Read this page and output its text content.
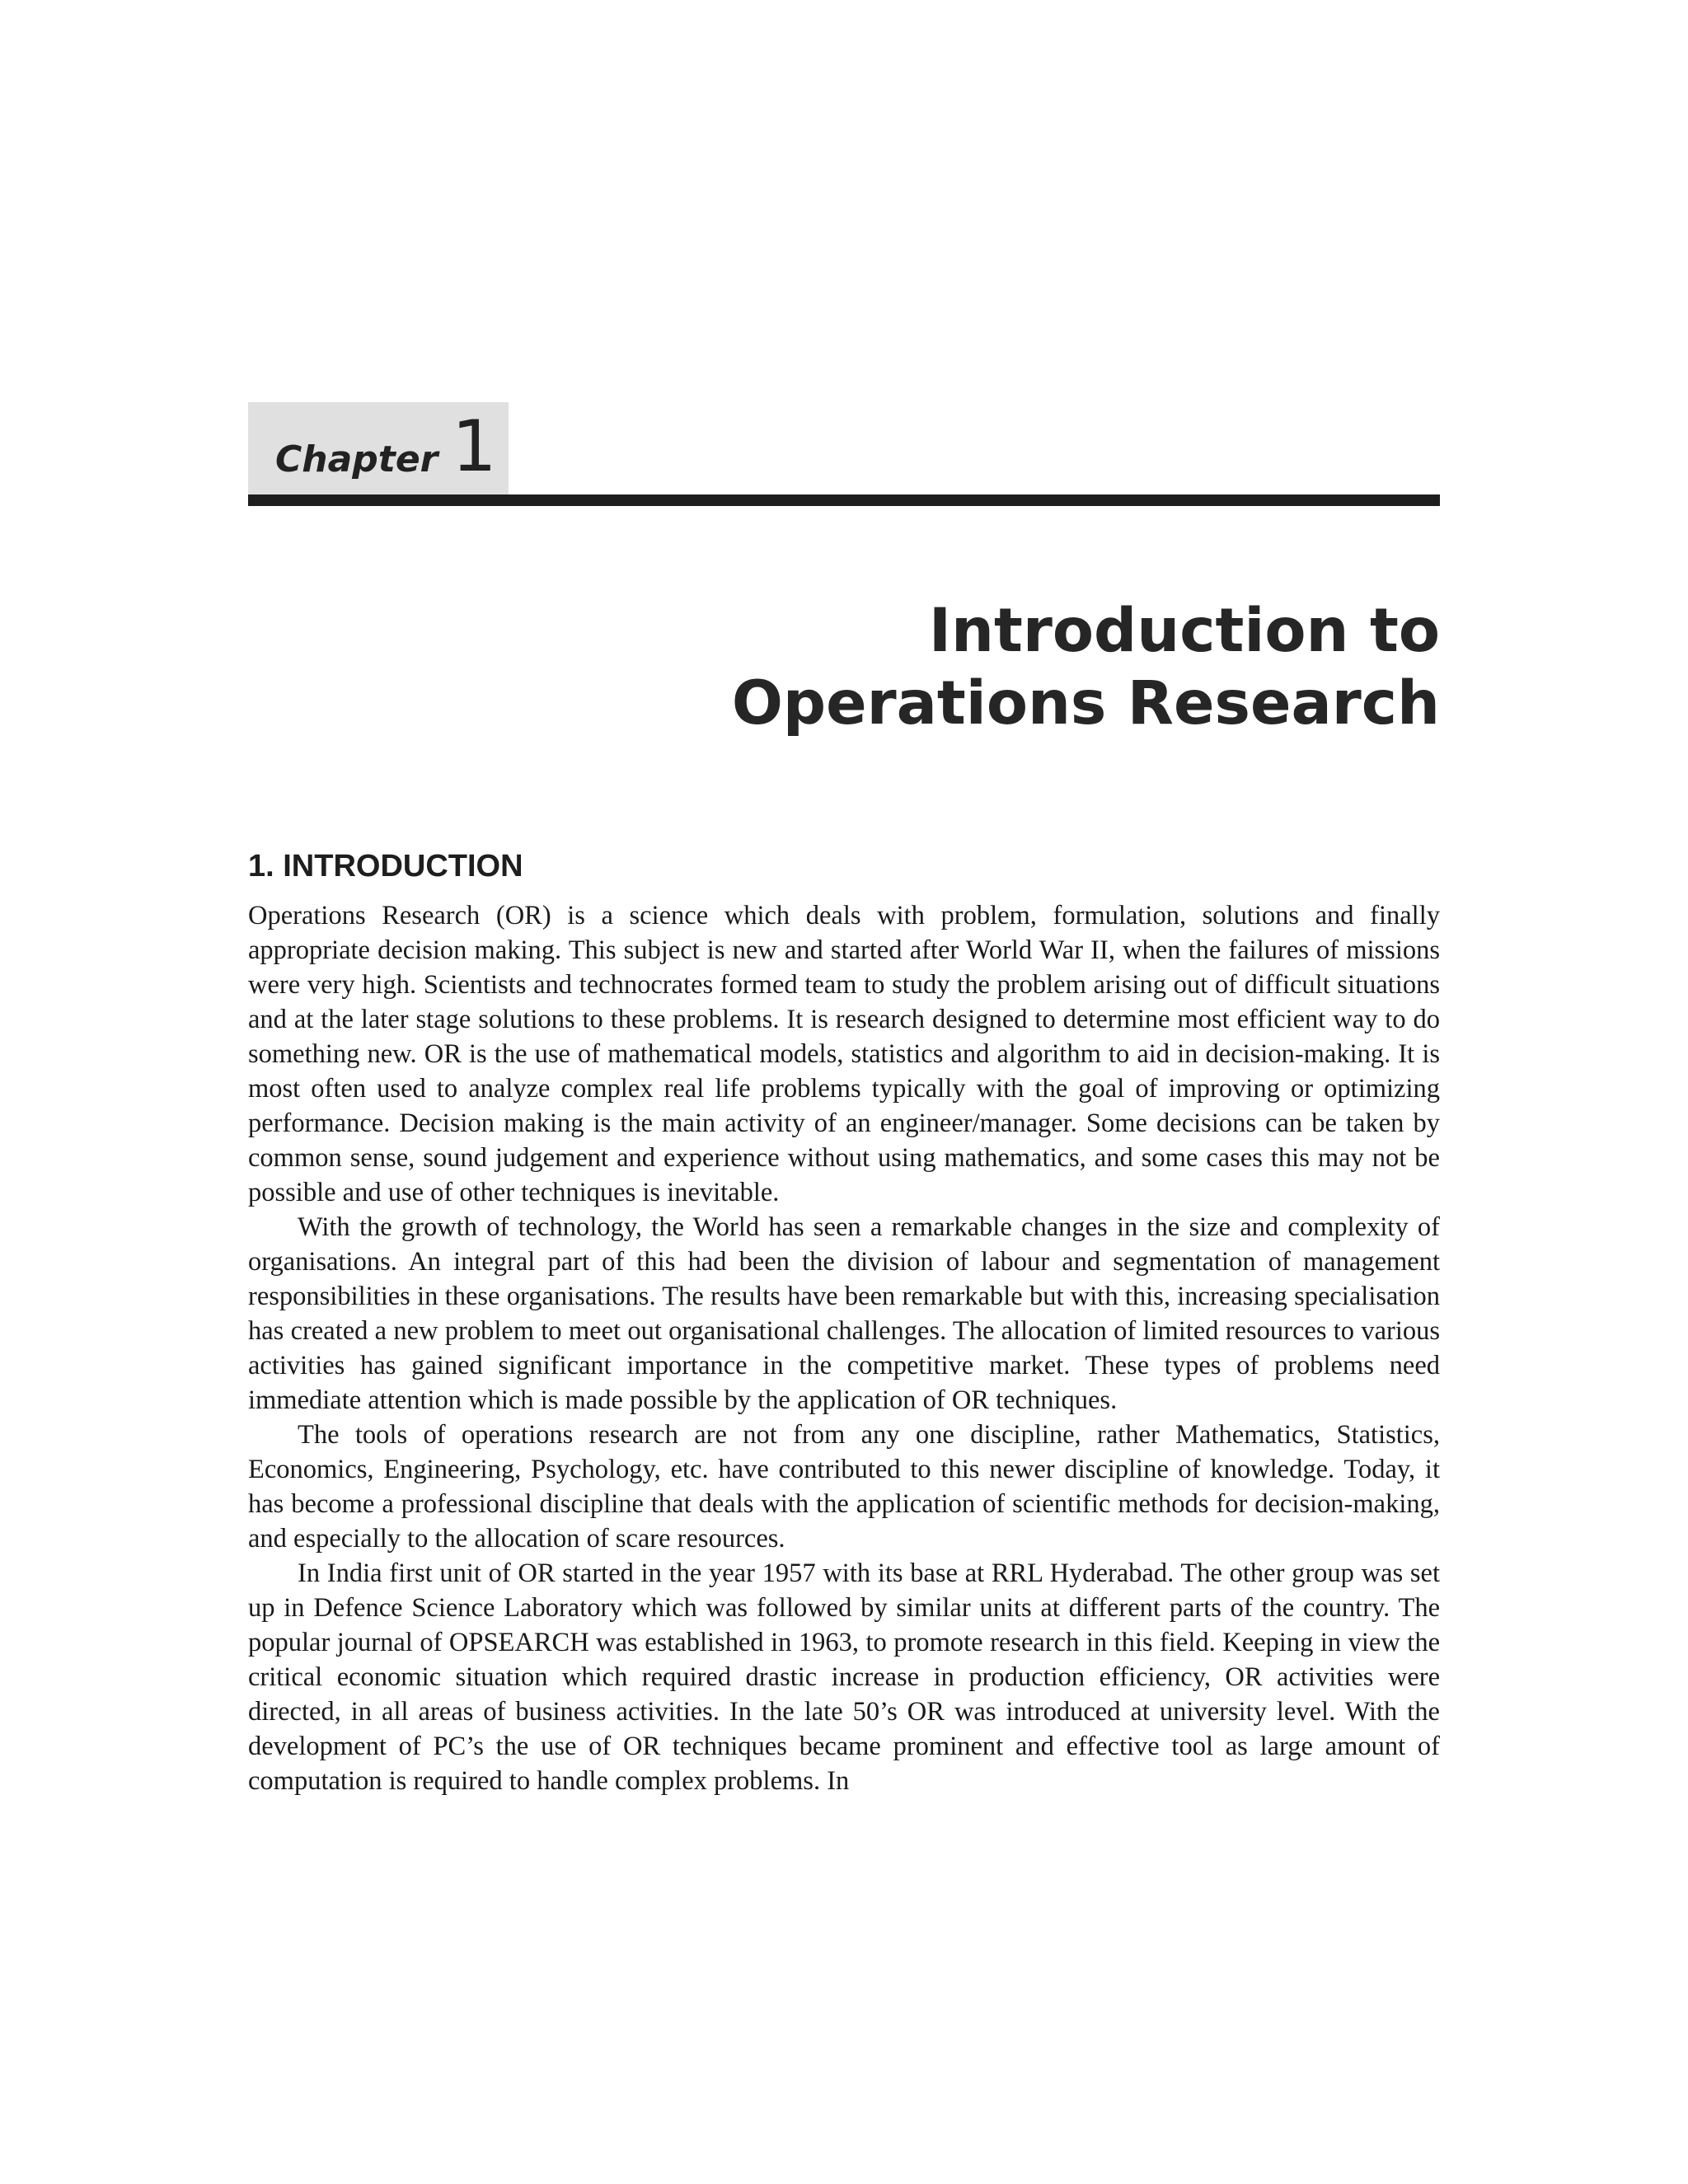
Chapter 1
Introduction to
Operations Research
1. INTRODUCTION

Operations Research (OR) is a science which deals with problem, formulation, solutions and finally appropriate decision making. This subject is new and started after World War II, when the failures of missions were very high. Scientists and technocrates formed team to study the problem arising out of difficult situations and at the later stage solutions to these problems. It is research designed to determine most efficient way to do something new. OR is the use of mathematical models, statistics and algorithm to aid in decision-making. It is most often used to analyze complex real life problems typically with the goal of improving or optimizing performance. Decision making is the main activity of an engineer/manager. Some decisions can be taken by common sense, sound judgement and experience without using mathematics, and some cases this may not be possible and use of other techniques is inevitable.

With the growth of technology, the World has seen a remarkable changes in the size and complexity of organisations. An integral part of this had been the division of labour and segmentation of management responsibilities in these organisations. The results have been remarkable but with this, increasing specialisation has created a new problem to meet out organisational challenges. The allocation of limited resources to various activities has gained significant importance in the competitive market. These types of problems need immediate attention which is made possible by the application of OR techniques.

The tools of operations research are not from any one discipline, rather Mathematics, Statistics, Economics, Engineering, Psychology, etc. have contributed to this newer discipline of knowledge. Today, it has become a professional discipline that deals with the application of scientific methods for decision-making, and especially to the allocation of scare resources.

In India first unit of OR started in the year 1957 with its base at RRL Hyderabad. The other group was set up in Defence Science Laboratory which was followed by similar units at different parts of the country. The popular journal of OPSEARCH was established in 1963, to promote research in this field. Keeping in view the critical economic situation which required drastic increase in production efficiency, OR activities were directed, in all areas of business activities. In the late 50’s OR was introduced at university level. With the development of PC’s the use of OR techniques became prominent and effective tool as large amount of computation is required to handle complex problems. In
